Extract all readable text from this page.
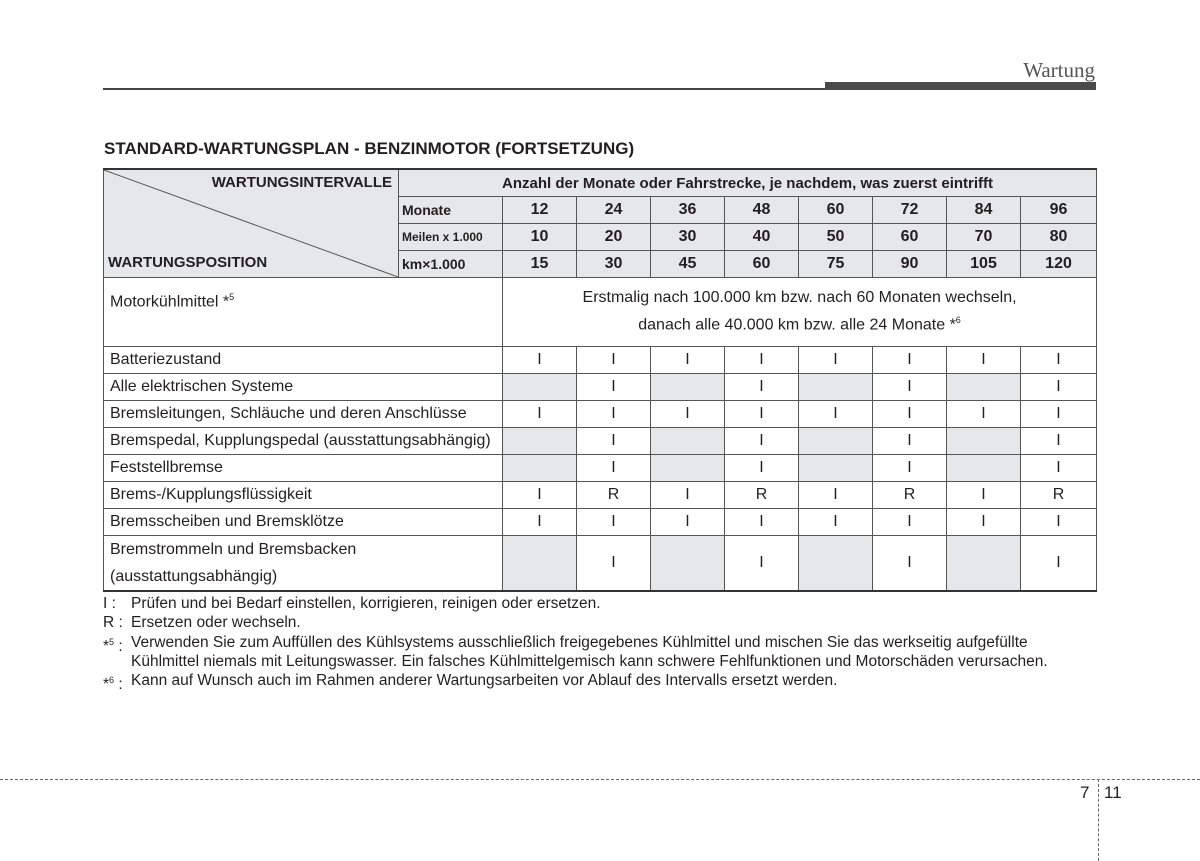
Wartung
STANDARD-WARTUNGSPLAN - BENZINMOTOR (FORTSETZUNG)
WARTUNGSINTERVALLE
WARTUNGSPOSITION	Anzahl der Monate oder Fahrstrecke, je nachdem, was zuerst eintrifft								
	Monate	12	24	36	48	60	72	84	96
	Meilen x 1.000	10	20	30	40	50	60	70	80
	km×1.000	15	30	45	60	75	90	105	120
Motorkühlmittel *$^5$		Erstmalig nach 100.000 km bzw. nach 60 Monaten wechseln,
danach alle 40.000 km bzw. alle 24 Monate *$^6$

Batteriezustand		I	I	I	I	I	I	I	I
Alle elektrischen Systeme			I		I		I		I
Bremsleitungen, Schläuche und deren Anschlüsse		I	I	I	I	I	I	I	I
Bremspedal, Kupplungspedal (ausstattungsabhängig)			I		I		I		I
Feststellbremse			I		I		I		I
Brems-/Kupplungsflüssigkeit		I	R	I	R	I	R	I	R
Bremsscheiben und Bremsklötze		I	I	I	I	I	I	I	I

Bremstrommeln und Bremsbacken
(ausstattungsabhängig)			I		I		I		I
I : Prüfen und bei Bedarf einstellen, korrigieren, reinigen oder ersetzen.
R : Ersetzen oder wechseln.
*$^5$ : Verwenden Sie zum Auffüllen des Kühlsystems ausschließlich freigegebenes Kühlmittel und mischen Sie das werkseitig aufgefüllte Kühlmittel niemals mit Leitungswasser. Ein falsches Kühlmittelgemisch kann schwere Fehlfunktionen und Motorschäden verursachen.
*$^6$ : Kann auf Wunsch auch im Rahmen anderer Wartungsarbeiten vor Ablauf des Intervalls ersetzt werden.
7 11
